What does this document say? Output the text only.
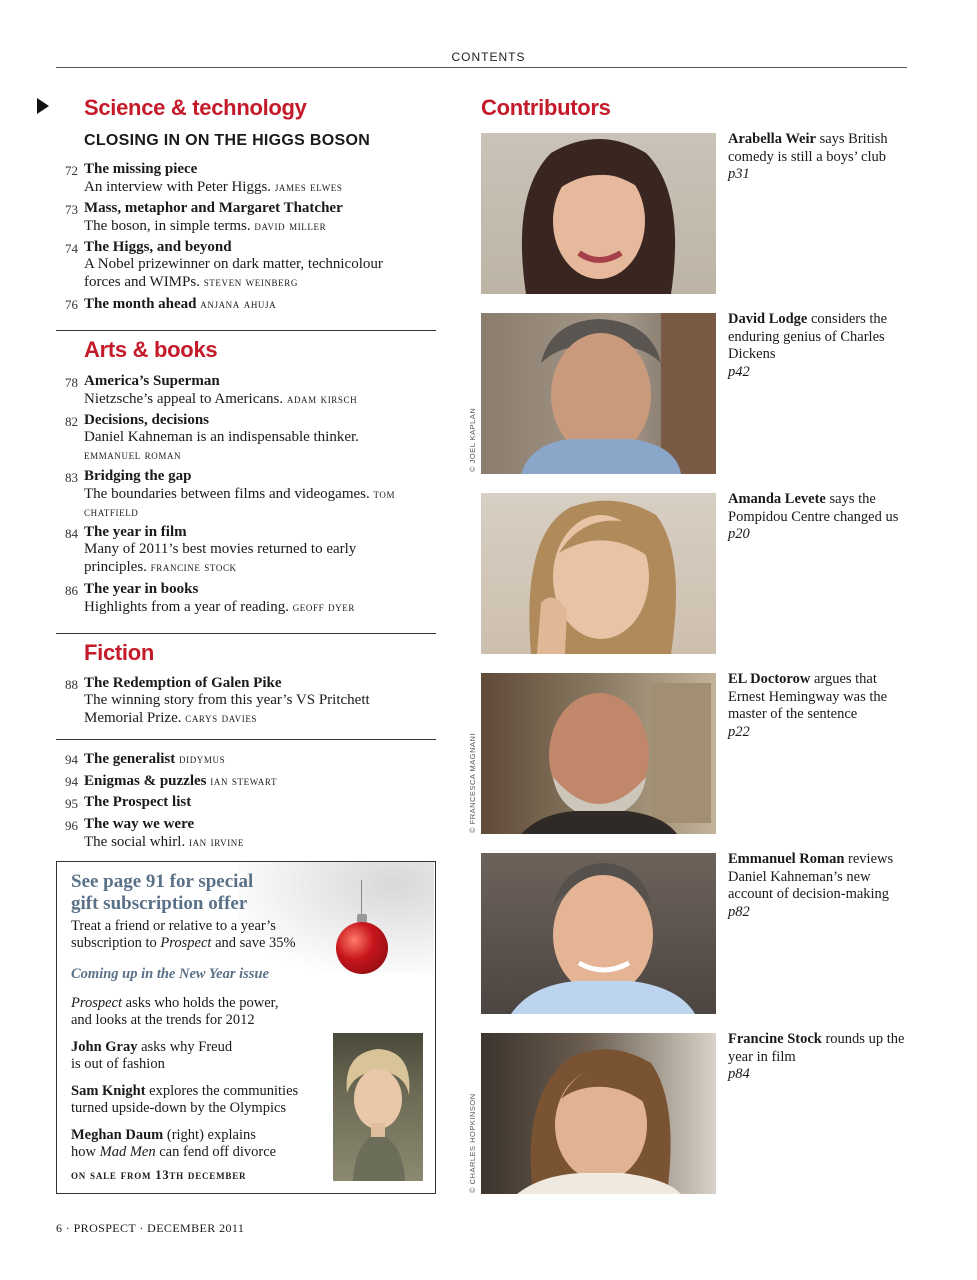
CONTENTS
Science & technology
CLOSING IN ON THE HIGGS BOSON
72 The missing piece
An interview with Peter Higgs. james elwes
73 Mass, metaphor and Margaret Thatcher
The boson, in simple terms. david miller
74 The Higgs, and beyond
A Nobel prizewinner on dark matter, technicolour forces and WIMPs. steven weinberg
76 The month ahead anjana ahuja
Arts & books
78 America’s Superman
Nietzsche’s appeal to Americans. adam kirsch
82 Decisions, decisions
Daniel Kahneman is an indispensable thinker. emmanuel roman
83 Bridging the gap
The boundaries between films and videogames. tom chatfield
84 The year in film
Many of 2011’s best movies returned to early principles. francine stock
86 The year in books
Highlights from a year of reading. geoff dyer
Fiction
88 The Redemption of Galen Pike
The winning story from this year’s VS Pritchett Memorial Prize. carys davies
94 The generalist didymus
94 Enigmas & puzzles ian stewart
95 The Prospect list
96 The way we were
The social whirl. ian irvine
See page 91 for special
gift subscription offer
Treat a friend or relative to a year’s
subscription to Prospect and save 35%
Coming up in the New Year issue
Prospect asks who holds the power,
and looks at the trends for 2012
John Gray asks why Freud
is out of fashion
Sam Knight explores the communities
turned upside-down by the Olympics
Meghan Daum (right) explains
how Mad Men can fend off divorce
on sale from 13th december
Contributors
Arabella Weir says British comedy is still a boys’ club
p31
© JOEL KAPLAN
David Lodge considers the enduring genius of Charles Dickens
p42
Amanda Levete says the Pompidou Centre changed us
p20
© FRANCESCA MAGNANI
EL Doctorow argues that Ernest Hemingway was the master of the sentence
p22
Emmanuel Roman reviews Daniel Kahneman’s new account of decision-making
p82
© CHARLES HOPKINSON
Francine Stock rounds up the year in film
p84
6 · PROSPECT · DECEMBER 2011
